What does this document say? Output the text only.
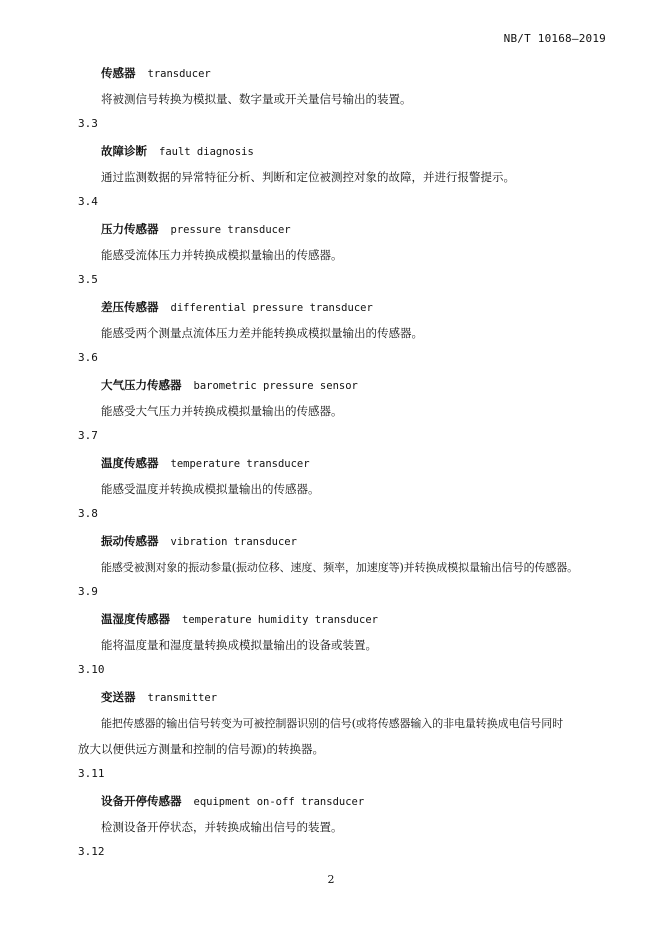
NB/T 10168—2019
传感器 transducer
将被测信号转换为模拟量、数字量或开关量信号输出的装置。
3.3
故障诊断 fault diagnosis
通过监测数据的异常特征分析、判断和定位被测控对象的故障，并进行报警提示。
3.4
压力传感器 pressure transducer
能感受流体压力并转换成模拟量输出的传感器。
3.5
差压传感器 differential pressure transducer
能感受两个测量点流体压力差并能转换成模拟量输出的传感器。
3.6
大气压力传感器 barometric pressure sensor
能感受大气压力并转换成模拟量输出的传感器。
3.7
温度传感器 temperature transducer
能感受温度并转换成模拟量输出的传感器。
3.8
振动传感器 vibration transducer
能感受被测对象的振动参量(振动位移、速度、频率，加速度等)并转换成模拟量输出信号的传感器。
3.9
温湿度传感器 temperature humidity transducer
能将温度量和湿度量转换成模拟量输出的设备或装置。
3.10
变送器 transmitter
能把传感器的输出信号转变为可被控制器识别的信号(或将传感器输入的非电量转换成电信号同时
放大以便供远方测量和控制的信号源)的转换器。
3.11
设备开停传感器 equipment on-off transducer
检测设备开停状态，并转换成输出信号的装置。
3.12
2
